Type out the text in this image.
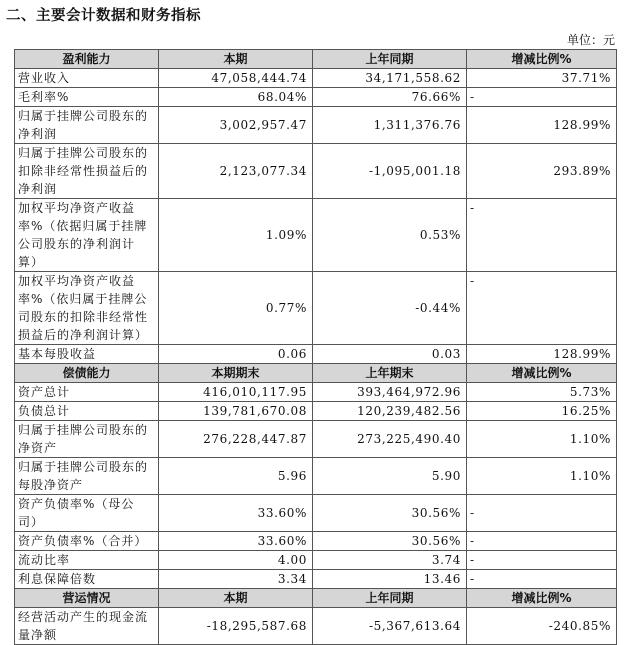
二、主要会计数据和财务指标
单位：元
盈利能力	本期	上年同期	增减比例%
营业收入	47,058,444.74	34,171,558.62	37.71%
毛利率%	68.04%	76.66%	-
归属于挂牌公司股东的净利润	3,002,957.47	1,311,376.76	128.99%
归属于挂牌公司股东的扣除非经常性损益后的净利润	2,123,077.34	-1,095,001.18	293.89%
加权平均净资产收益率%（依据归属于挂牌公司股东的净利润计算）	1.09%	0.53%	-
加权平均净资产收益率%（依归属于挂牌公司股东的扣除非经常性损益后的净利润计算）	0.77%	-0.44%	-
基本每股收益	0.06	0.03	128.99%
偿债能力	本期期末	上年期末	增减比例%
资产总计	416,010,117.95	393,464,972.96	5.73%
负债总计	139,781,670.08	120,239,482.56	16.25%
归属于挂牌公司股东的净资产	276,228,447.87	273,225,490.40	1.10%
归属于挂牌公司股东的每股净资产	5.96	5.90	1.10%
资产负债率%（母公司）	33.60%	30.56%	-
资产负债率%（合并）	33.60%	30.56%	-
流动比率	4.00	3.74	-
利息保障倍数	3.34	13.46	-
营运情况	本期	上年同期	增减比例%
经营活动产生的现金流量净额	-18,295,587.68	-5,367,613.64	-240.85%
